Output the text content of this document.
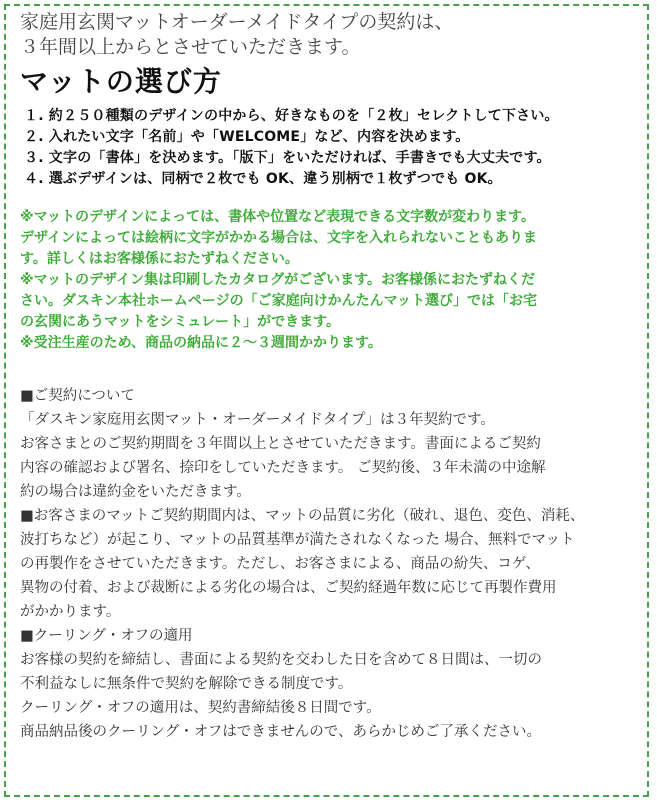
家庭用玄関マットオーダーメイドタイプの契約は、
３年間以上からとさせていただきます。

マットの選び方
１. 約２５０種類のデザインの中から、好きなものを「２枚」セレクトして下さい。
２. 入れたい文字「名前」や「WELCOME」など、内容を決めます。
３. 文字の「書体」を決めます。「版下」をいただければ、手書きでも大丈夫です。
４. 選ぶデザインは、同柄で２枚でも OK、違う別柄で１枚ずつでも OK。
※マットのデザインによっては、書体や位置など表現できる文字数が変わります。
デザインによっては絵柄に文字がかかる場合は、文字を入れられないこともありま
す。詳しくはお客様係におたずねください。
※マットのデザイン集は印刷したカタログがございます。お客様係におたずねくだ
さい。ダスキン本社ホームページの「ご家庭向けかんたんマット選び」では「お宅
の玄関にあうマットをシミュレート」ができます。
※受注生産のため、商品の納品に２～３週間かかります。
■ご契約について
「ダスキン家庭用玄関マット・オーダーメイドタイプ」は３年契約です。
お客さまとのご契約期間を３年間以上とさせていただきます。書面によるご契約
内容の確認および署名、捺印をしていただきます。 ご契約後、３年未満の中途解
約の場合は違約金をいただきます。
■お客さまのマットご契約期間内は、マットの品質に劣化（破れ、退色、変色、消耗、
波打ちなど）が起こり、マットの品質基準が満たされなくなった 場合、無料でマット
の再製作をさせていただきます。ただし、お客さまによる、商品の紛失、コゲ、
異物の付着、および裁断による劣化の場合は、ご契約経過年数に応じて再製作費用
がかかります。
■クーリング・オフの適用
お客様の契約を締結し、書面による契約を交わした日を含めて８日間は、一切の
不利益なしに無条件で契約を解除できる制度です。
クーリング・オフの適用は、契約書締結後８日間です。
商品納品後のクーリング・オフはできませんので、あらかじめご了承ください。
